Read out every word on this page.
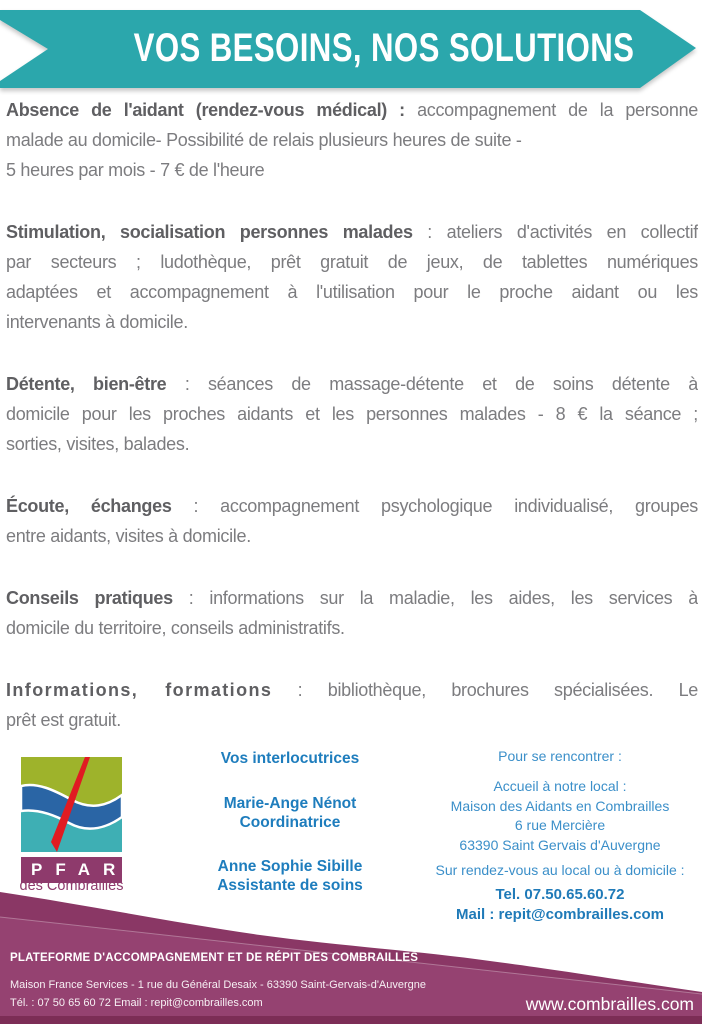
VOS BESOINS, NOS SOLUTIONS
Absence de l'aidant (rendez-vous médical) : accompagnement de la personne
malade au domicile- Possibilité de relais plusieurs heures de suite -
5 heures par mois - 7 € de l'heure
Stimulation, socialisation personnes malades : ateliers d'activités en collectif
par secteurs ; ludothèque, prêt gratuit de jeux, de tablettes numériques
adaptées et accompagnement à l'utilisation pour le proche aidant ou les
intervenants à domicile.
Détente, bien-être : séances de massage-détente et de soins détente à
domicile pour les proches aidants et les personnes malades - 8 € la séance ;
sorties, visites, balades.
Écoute, échanges : accompagnement psychologique individualisé, groupes
entre aidants, visites à domicile.
Conseils pratiques : informations sur la maladie, les aides, les services à
domicile du territoire, conseils administratifs.
Informations, formations : bibliothèque, brochures spécialisées. Le
prêt est gratuit.
PFAR
des Combrailles
Vos interlocutrices
Marie-Ange Nénot
Coordinatrice
Anne Sophie Sibille
Assistante de soins
Pour se rencontrer :
Accueil à notre local :
Maison des Aidants en Combrailles
6 rue Mercière
63390 Saint Gervais d'Auvergne
Sur rendez-vous au local ou à domicile :
Tel. 07.50.65.60.72
Mail : repit@combrailles.com
PLATEFORME D'ACCOMPAGNEMENT ET DE RÉPIT DES COMBRAILLES
Maison France Services - 1 rue du Général Desaix - 63390 Saint-Gervais-d'Auvergne
Tél. : 07 50 65 60 72 Email : repit@combrailles.com	www.combrailles.com
